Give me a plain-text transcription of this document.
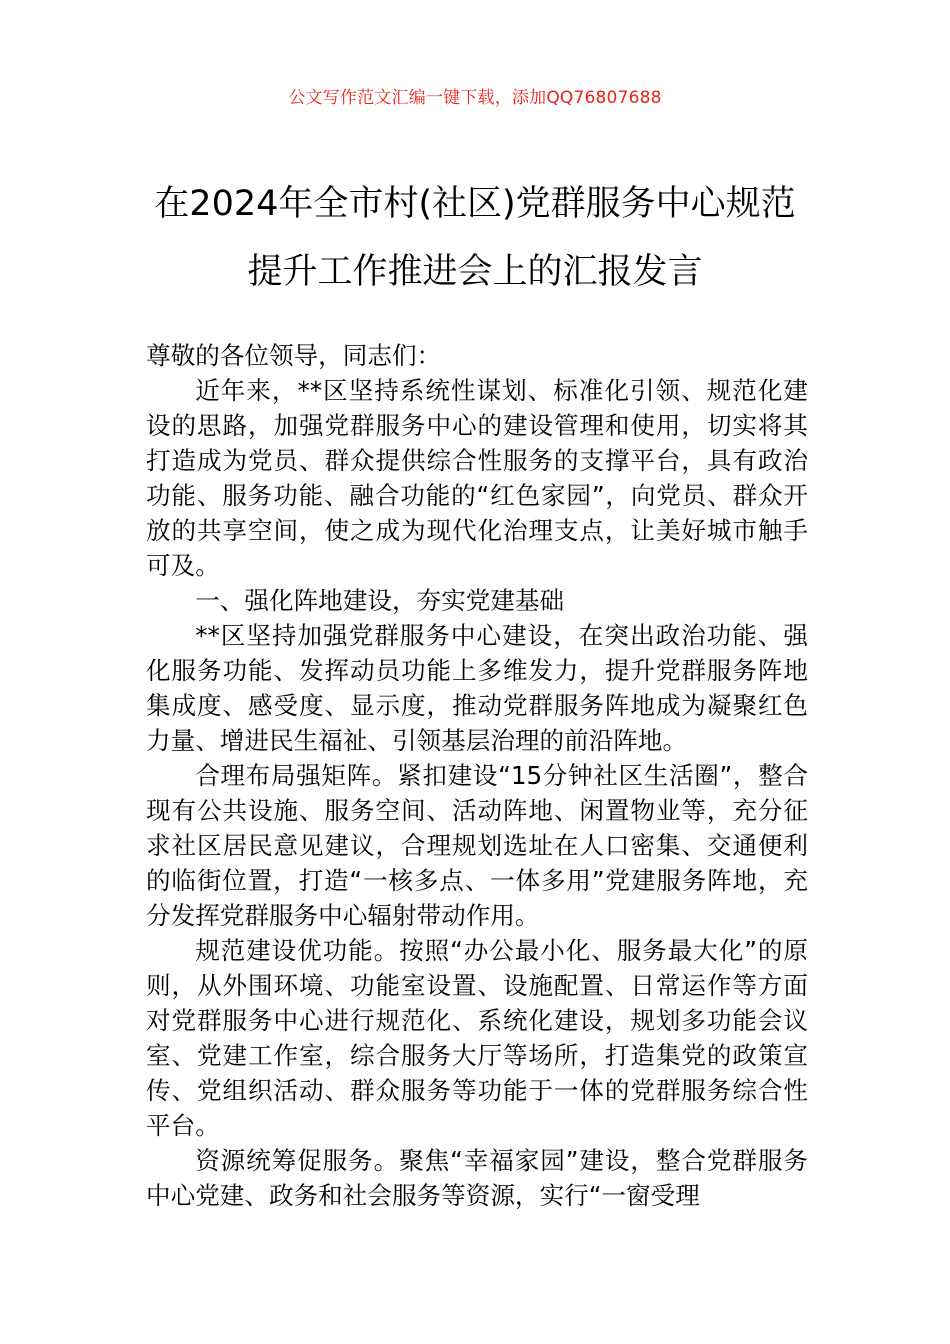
公文写作范文汇编一键下载，添加QQ76807688
在2024年全市村(社区)党群服务中心规范
提升工作推进会上的汇报发言

尊敬的各位领导，同志们：

近年来，**区坚持系统性谋划、标准化引领、规范化建设的思路，加强党群服务中心的建设管理和使用，切实将其打造成为党员、群众提供综合性服务的支撑平台，具有政治功能、服务功能、融合功能的“红色家园”，向党员、群众开放的共享空间，使之成为现代化治理支点，让美好城市触手可及。

一、强化阵地建设，夯实党建基础

**区坚持加强党群服务中心建设，在突出政治功能、强化服务功能、发挥动员功能上多维发力，提升党群服务阵地集成度、感受度、显示度，推动党群服务阵地成为凝聚红色力量、增进民生福祉、引领基层治理的前沿阵地。

合理布局强矩阵。紧扣建设“15分钟社区生活圈”，整合现有公共设施、服务空间、活动阵地、闲置物业等，充分征求社区居民意见建议，合理规划选址在人口密集、交通便利的临街位置，打造“一核多点、一体多用”党建服务阵地，充分发挥党群服务中心辐射带动作用。

规范建设优功能。按照“办公最小化、服务最大化”的原则，从外围环境、功能室设置、设施配置、日常运作等方面对党群服务中心进行规范化、系统化建设，规划多功能会议室、党建工作室，综合服务大厅等场所，打造集党的政策宣传、党组织活动、群众服务等功能于一体的党群服务综合性平台。

资源统筹促服务。聚焦“幸福家园”建设，整合党群服务中心党建、政务和社会服务等资源，实行“一窗受理
